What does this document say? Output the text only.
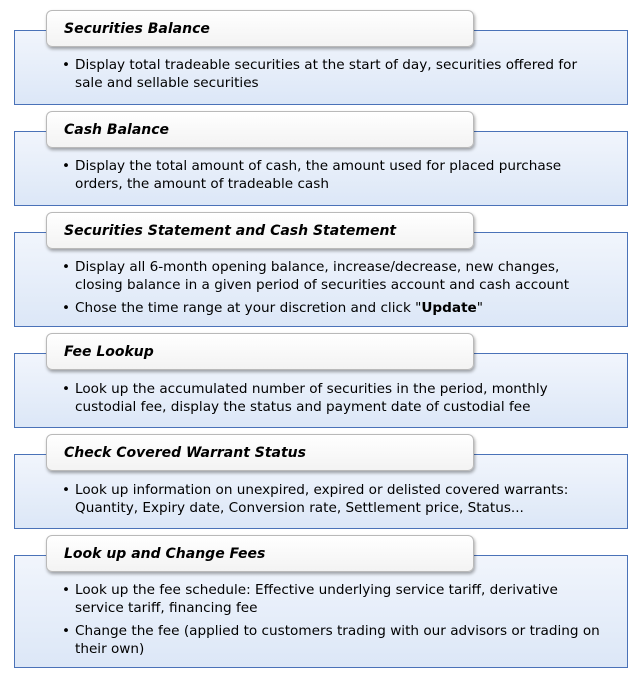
Securities Balance
• Display total tradeable securities at the start of day, securities offered for sale and sellable securities
Cash Balance
• Display the total amount of cash, the amount used for placed purchase orders, the amount of tradeable cash
Securities Statement and Cash Statement
• Display all 6-month opening balance, increase/decrease, new changes, closing balance in a given period of securities account and cash account
• Chose the time range at your discretion and click "Update"
Fee Lookup
• Look up the accumulated number of securities in the period, monthly custodial fee, display the status and payment date of custodial fee
Check Covered Warrant Status
• Look up information on unexpired, expired or delisted covered warrants: Quantity, Expiry date, Conversion rate, Settlement price, Status...
Look up and Change Fees
• Look up the fee schedule: Effective underlying service tariff, derivative service tariff, financing fee
• Change the fee (applied to customers trading with our advisors or trading on their own)
